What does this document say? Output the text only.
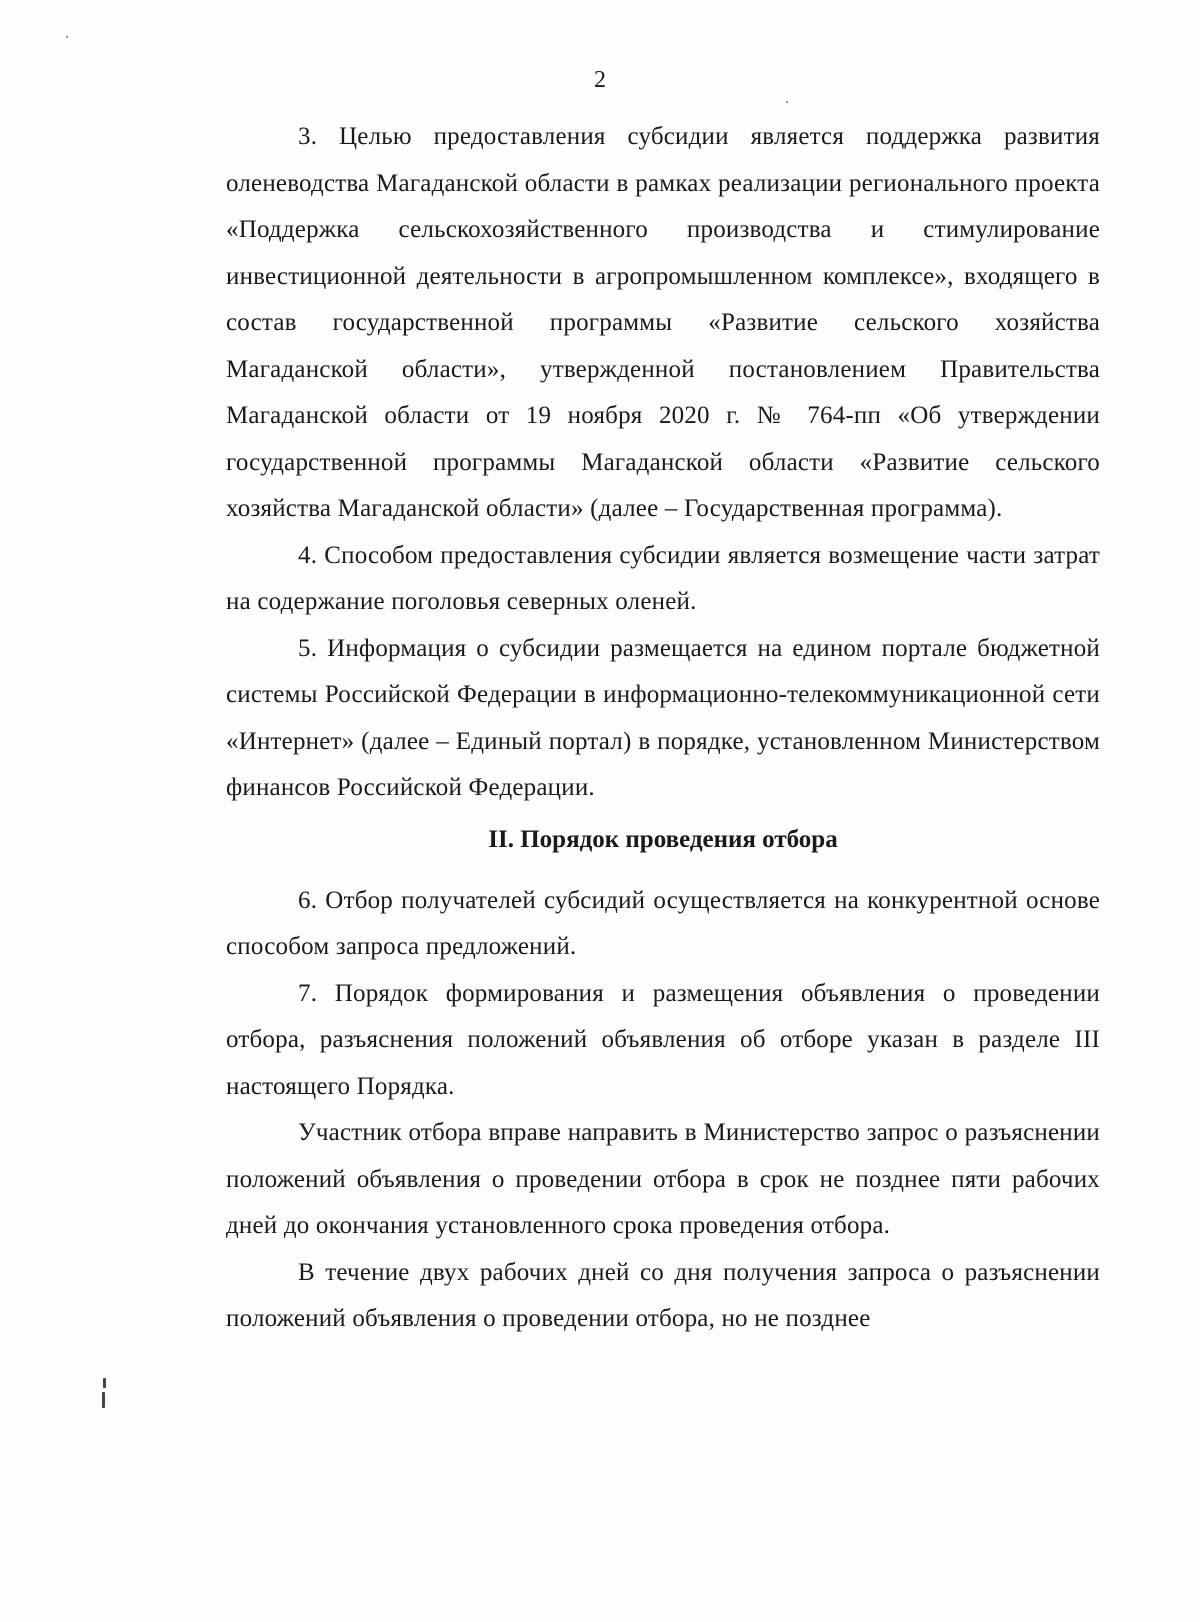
2

3. Целью предоставления субсидии является поддержка развития оленеводства Магаданской области в рамках реализации регионального проекта «Поддержка сельскохозяйственного производства и стимулирование инвестиционной деятельности в агропромышленном комплексе», входящего в состав государственной программы «Развитие сельского хозяйства Магаданской области», утвержденной постановлением Правительства Магаданской области от 19 ноября 2020 г. № 764-пп «Об утверждении государственной программы Магаданской области «Развитие сельского хозяйства Магаданской области» (далее – Государственная программа).

4. Способом предоставления субсидии является возмещение части затрат на содержание поголовья северных оленей.

5. Информация о субсидии размещается на едином портале бюджетной системы Российской Федерации в информационно-телекоммуникационной сети «Интернет» (далее – Единый портал) в порядке, установленном Министерством финансов Российской Федерации.

II. Порядок проведения отбора

6. Отбор получателей субсидий осуществляется на конкурентной основе способом запроса предложений.

7. Порядок формирования и размещения объявления о проведении отбора, разъяснения положений объявления об отборе указан в разделе III настоящего Порядка.

Участник отбора вправе направить в Министерство запрос о разъяснении положений объявления о проведении отбора в срок не позднее пяти рабочих дней до окончания установленного срока проведения отбора.

В течение двух рабочих дней со дня получения запроса о разъяснении положений объявления о проведении отбора, но не позднее
